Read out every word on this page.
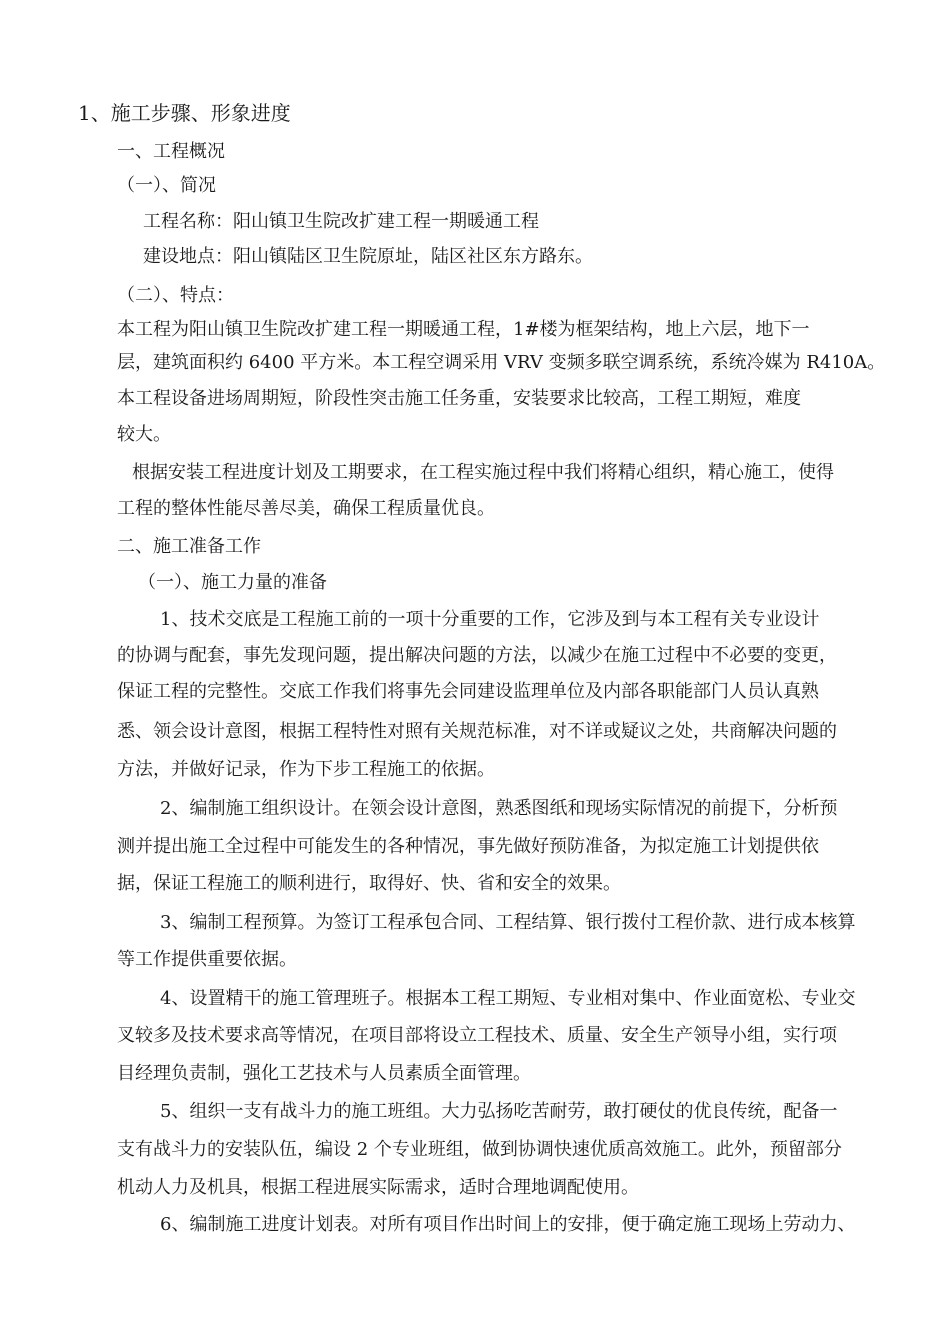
1、施工步骤、形象进度
一、工程概况
（一）、简况
工程名称：阳山镇卫生院改扩建工程一期暖通工程
建设地点：阳山镇陆区卫生院原址，陆区社区东方路东。
（二）、特点：
本工程为阳山镇卫生院改扩建工程一期暖通工程，1#楼为框架结构，地上六层，地下一
层，建筑面积约 6400 平方米。本工程空调采用 VRV 变频多联空调系统，系统冷媒为 R410A。
本工程设备进场周期短，阶段性突击施工任务重，安装要求比较高，工程工期短，难度
较大。
根据安装工程进度计划及工期要求，在工程实施过程中我们将精心组织，精心施工，使得
工程的整体性能尽善尽美，确保工程质量优良。
二、施工准备工作
（一）、施工力量的准备
1、技术交底是工程施工前的一项十分重要的工作，它涉及到与本工程有关专业设计
的协调与配套，事先发现问题，提出解决问题的方法，以减少在施工过程中不必要的变更，
保证工程的完整性。交底工作我们将事先会同建设监理单位及内部各职能部门人员认真熟
悉、领会设计意图，根据工程特性对照有关规范标准，对不详或疑议之处，共商解决问题的
方法，并做好记录，作为下步工程施工的依据。
2、编制施工组织设计。在领会设计意图，熟悉图纸和现场实际情况的前提下，分析预
测并提出施工全过程中可能发生的各种情况，事先做好预防准备，为拟定施工计划提供依
据，保证工程施工的顺利进行，取得好、快、省和安全的效果。
3、编制工程预算。为签订工程承包合同、工程结算、银行拨付工程价款、进行成本核算
等工作提供重要依据。
4、设置精干的施工管理班子。根据本工程工期短、专业相对集中、作业面宽松、专业交
叉较多及技术要求高等情况，在项目部将设立工程技术、质量、安全生产领导小组，实行项
目经理负责制，强化工艺技术与人员素质全面管理。
5、组织一支有战斗力的施工班组。大力弘扬吃苦耐劳，敢打硬仗的优良传统，配备一
支有战斗力的安装队伍，编设 2 个专业班组，做到协调快速优质高效施工。此外，预留部分
机动人力及机具，根据工程进展实际需求，适时合理地调配使用。
6、编制施工进度计划表。对所有项目作出时间上的安排，便于确定施工现场上劳动力、
